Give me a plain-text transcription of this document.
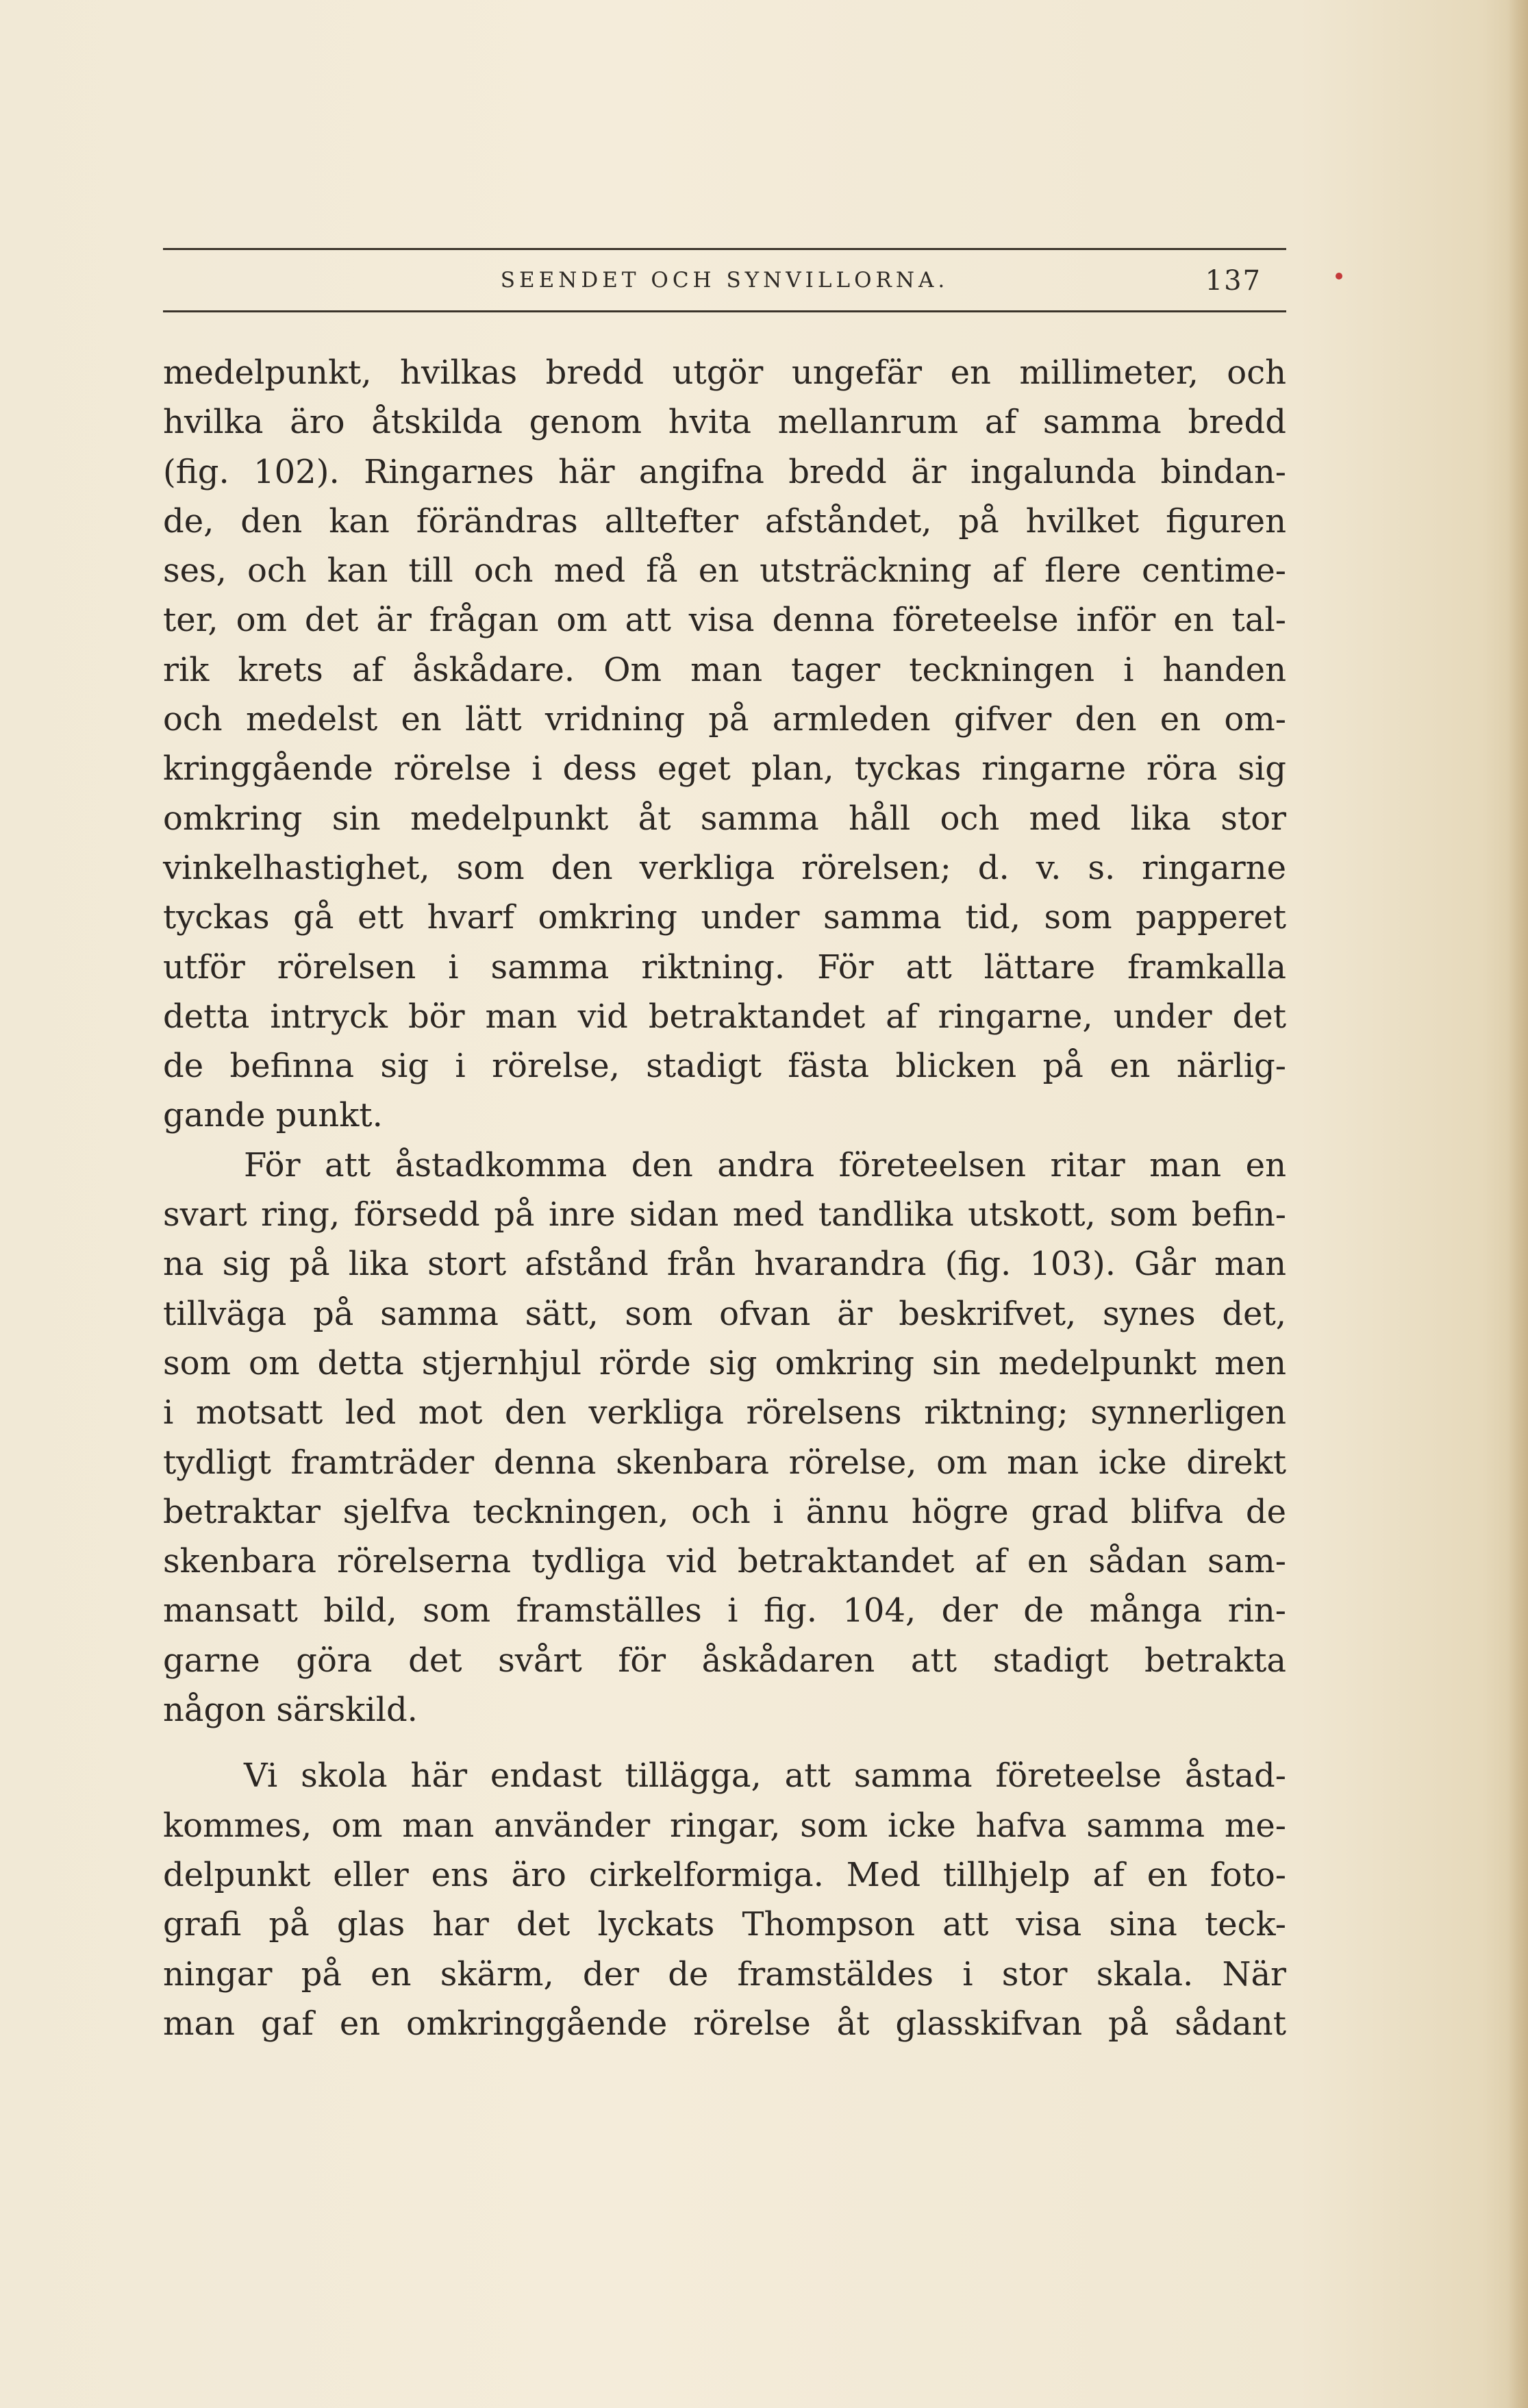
SEENDET OCH SYNVILLORNA.	137
medelpunkt, hvilkas bredd utgör ungefär en millimeter, och
hvilka äro åtskilda genom hvita mellanrum af samma bredd
(fig. 102). Ringarnes här angifna bredd är ingalunda bindan-
de, den kan förändras alltefter afståndet, på hvilket figuren
ses, och kan till och med få en utsträckning af flere centime-
ter, om det är frågan om att visa denna företeelse inför en tal-
rik krets af åskådare. Om man tager teckningen i handen
och medelst en lätt vridning på armleden gifver den en om-
kringgående rörelse i dess eget plan, tyckas ringarne röra sig
omkring sin medelpunkt åt samma håll och med lika stor
vinkelhastighet, som den verkliga rörelsen; d. v. s. ringarne
tyckas gå ett hvarf omkring under samma tid, som papperet
utför rörelsen i samma riktning. För att lättare framkalla
detta intryck bör man vid betraktandet af ringarne, under det
de befinna sig i rörelse, stadigt fästa blicken på en närlig-
gande punkt.
För att åstadkomma den andra företeelsen ritar man en
svart ring, försedd på inre sidan med tandlika utskott, som befin-
na sig på lika stort afstånd från hvarandra (fig. 103). Går man
tillväga på samma sätt, som ofvan är beskrifvet, synes det,
som om detta stjernhjul rörde sig omkring sin medelpunkt men
i motsatt led mot den verkliga rörelsens riktning; synnerligen
tydligt framträder denna skenbara rörelse, om man icke direkt
betraktar sjelfva teckningen, och i ännu högre grad blifva de
skenbara rörelserna tydliga vid betraktandet af en sådan sam-
mansatt bild, som framställes i fig. 104, der de många rin-
garne göra det svårt för åskådaren att stadigt betrakta
någon särskild.
Vi skola här endast tillägga, att samma företeelse åstad-
kommes, om man använder ringar, som icke hafva samma me-
delpunkt eller ens äro cirkelformiga. Med tillhjelp af en foto-
grafi på glas har det lyckats Thompson att visa sina teck-
ningar på en skärm, der de framstäldes i stor skala. När
man gaf en omkringgående rörelse åt glasskifvan på sådant
